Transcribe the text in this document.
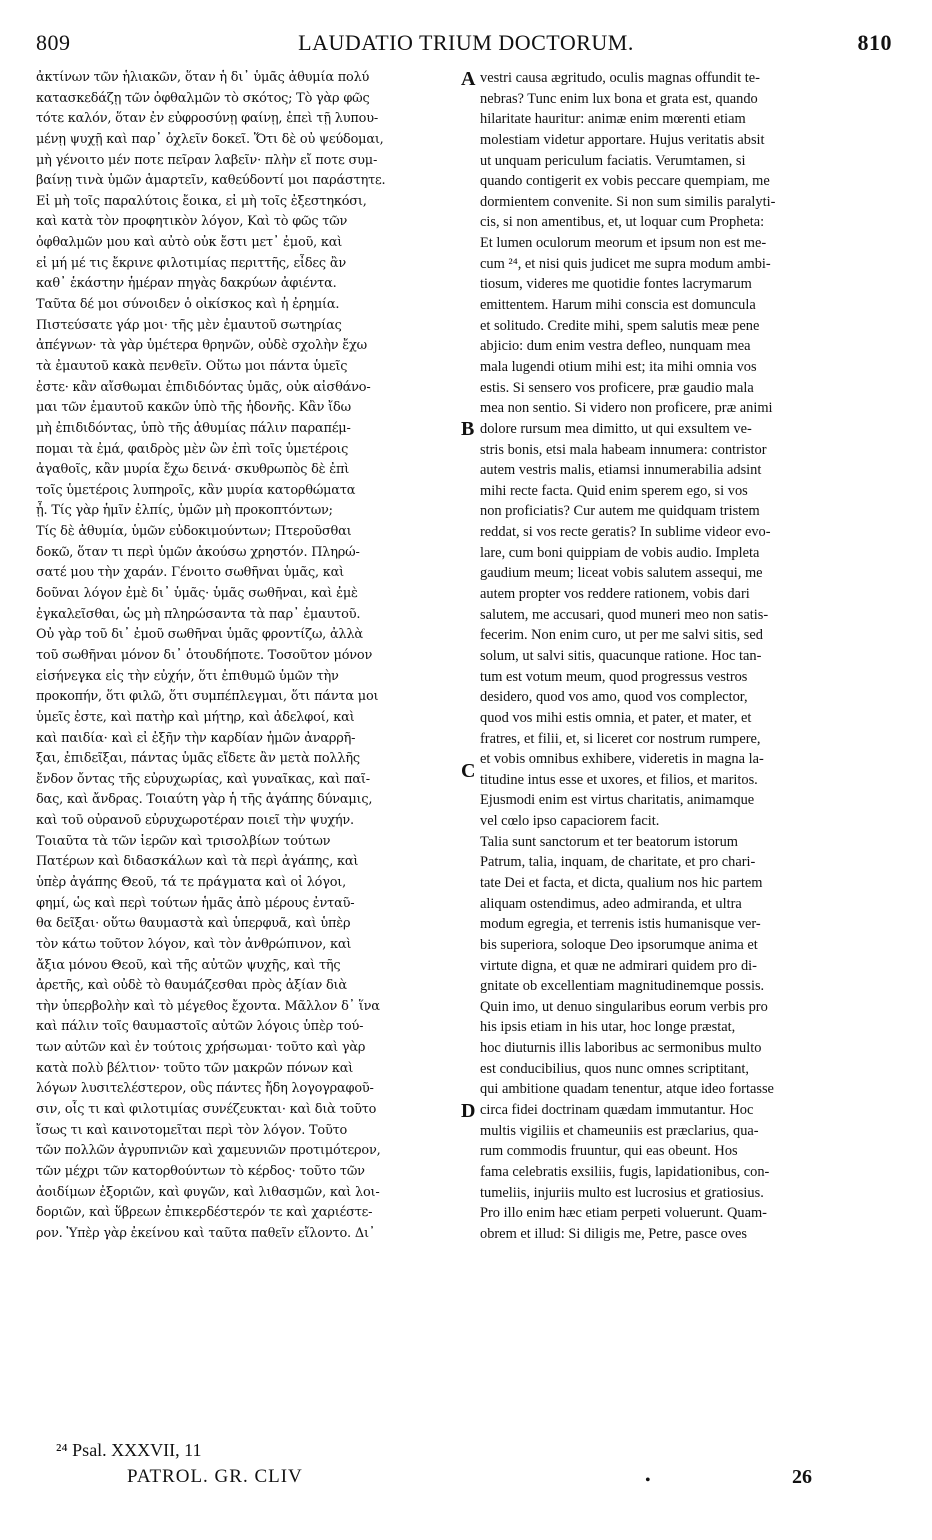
809	LAUDATIO TRIUM DOCTORUM.	810
ἀκτίνων τῶν ἡλιακῶν, ὅταν ἡ δι᾽ ὑμᾶς ἀθυμία πολύ
κατασκεδάζῃ τῶν ὀφθαλμῶν τὸ σκότος; Τὸ γὰρ φῶς
τότε καλόν, ὅταν ἐν εὐφροσύνῃ φαίνῃ, ἐπεὶ τῇ λυπου-
μένῃ ψυχῇ καὶ παρ᾽ ὀχλεῖν δοκεῖ. Ὅτι δὲ οὐ ψεύδομαι,
μὴ γένοιτο μέν ποτε πεῖραν λαβεῖν· πλὴν εἴ ποτε συμ-
βαίνῃ τινὰ ὑμῶν ἁμαρτεῖν, καθεύδοντί μοι παράστητε.
Εἰ μὴ τοῖς παραλύτοις ἔοικα, εἰ μὴ τοῖς ἐξεστηκόσι,
καὶ κατὰ τὸν προφητικὸν λόγον, Καὶ τὸ φῶς τῶν
ὀφθαλμῶν μου καὶ αὐτὸ οὐκ ἔστι μετ᾽ ἐμοῦ, καὶ
εἰ μή μέ τις ἔκρινε φιλοτιμίας περιττῆς, εἶδες ἂν
καθ᾽ ἑκάστην ἡμέραν πηγὰς δακρύων ἀφιέντα.
Ταῦτα δέ μοι σύνοιδεν ὁ οἰκίσκος καὶ ἡ ἐρημία.
Πιστεύσατε γάρ μοι· τῆς μὲν ἐμαυτοῦ σωτηρίας
ἀπέγνων· τὰ γὰρ ὑμέτερα θρηνῶν, οὐδὲ σχολὴν ἔχω
τὰ ἐμαυτοῦ κακὰ πενθεῖν. Οὕτω μοι πάντα ὑμεῖς
ἐστε· κἂν αἴσθωμαι ἐπιδιδόντας ὑμᾶς, οὐκ αἰσθάνο-
μαι τῶν ἐμαυτοῦ κακῶν ὑπὸ τῆς ἡδονῆς. Κἂν ἴδω
μὴ ἐπιδιδόντας, ὑπὸ τῆς ἀθυμίας πάλιν παραπέμ-
πομαι τὰ ἐμά, φαιδρὸς μὲν ὢν ἐπὶ τοῖς ὑμετέροις
ἀγαθοῖς, κἂν μυρία ἔχω δεινά· σκυθρωπὸς δὲ ἐπὶ
τοῖς ὑμετέροις λυπηροῖς, κἂν μυρία κατορθώματα
ᾖ. Τίς γὰρ ἡμῖν ἐλπίς, ὑμῶν μὴ προκοπτόντων;
Τίς δὲ ἀθυμία, ὑμῶν εὐδοκιμούντων; Πτεροῦσθαι
δοκῶ, ὅταν τι περὶ ὑμῶν ἀκούσω χρηστόν. Πληρώ-
σατέ μου τὴν χαράν. Γένοιτο σωθῆναι ὑμᾶς, καὶ
δοῦναι λόγον ἐμὲ δι᾽ ὑμᾶς· ὑμᾶς σωθῆναι, καὶ ἐμὲ
ἐγκαλεῖσθαι, ὡς μὴ πληρώσαντα τὰ παρ᾽ ἐμαυτοῦ.
Οὐ γὰρ τοῦ δι᾽ ἐμοῦ σωθῆναι ὑμᾶς φροντίζω, ἀλλὰ
τοῦ σωθῆναι μόνον δι᾽ ὁτουδήποτε. Τοσοῦτον μόνον
εἰσήνεγκα εἰς τὴν εὐχήν, ὅτι ἐπιθυμῶ ὑμῶν τὴν
προκοπήν, ὅτι φιλῶ, ὅτι συμπέπλεγμαι, ὅτι πάντα μοι
ὑμεῖς ἐστε, καὶ πατὴρ καὶ μήτηρ, καὶ ἀδελφοί, καὶ
καὶ παιδία· καὶ εἰ ἐξῆν τὴν καρδίαν ἡμῶν ἀναρρῆ-
ξαι, ἐπιδεῖξαι, πάντας ὑμᾶς εἴδετε ἂν μετὰ πολλῆς
ἔνδον ὄντας τῆς εὐρυχωρίας, καὶ γυναῖκας, καὶ παῖ-
δας, καὶ ἄνδρας. Τοιαύτη γὰρ ἡ τῆς ἀγάπης δύναμις,
καὶ τοῦ οὐρανοῦ εὐρυχωροτέραν ποιεῖ τὴν ψυχήν.
Τοιαῦτα τὰ τῶν ἱερῶν καὶ τρισολβίων τούτων
Πατέρων καὶ διδασκάλων καὶ τὰ περὶ ἀγάπης, καὶ
ὑπὲρ ἀγάπης Θεοῦ, τά τε πράγματα καὶ οἱ λόγοι,
φημί, ὡς καὶ περὶ τούτων ἡμᾶς ἀπὸ μέρους ἐνταῦ-
θα δεῖξαι· οὕτω θαυμαστὰ καὶ ὑπερφυᾶ, καὶ ὑπὲρ
τὸν κάτω τοῦτον λόγον, καὶ τὸν ἀνθρώπινον, καὶ
ἄξια μόνου Θεοῦ, καὶ τῆς αὐτῶν ψυχῆς, καὶ τῆς
ἀρετῆς, καὶ οὐδὲ τὸ θαυμάζεσθαι πρὸς ἀξίαν διὰ
τὴν ὑπερβολὴν καὶ τὸ μέγεθος ἔχοντα. Μᾶλλον δ᾽ ἵνα
καὶ πάλιν τοῖς θαυμαστοῖς αὐτῶν λόγοις ὑπὲρ τού-
των αὐτῶν καὶ ἐν τούτοις χρήσωμαι· τοῦτο καὶ γὰρ
κατὰ πολὺ βέλτιον· τοῦτο τῶν μακρῶν πόνων καὶ
λόγων λυσιτελέστερον, οὓς πάντες ἤδη λογογραφοῦ-
σιν, οἷς τι καὶ φιλοτιμίας συνέζευκται· καὶ διὰ τοῦτο
ἴσως τι καὶ καινοτομεῖται περὶ τὸν λόγον. Τοῦτο
τῶν πολλῶν ἀγρυπνιῶν καὶ χαμευνιῶν προτιμότερον,
τῶν μέχρι τῶν κατορθούντων τὸ κέρδος· τοῦτο τῶν
ἀοιδίμων ἐξοριῶν, καὶ φυγῶν, καὶ λιθασμῶν, καὶ λοι-
δοριῶν, καὶ ὕβρεων ἐπικερδέστερόν τε καὶ χαριέστε-
ρον. Ὑπὲρ γὰρ ἐκείνου καὶ ταῦτα παθεῖν εἴλοντο. Δι᾽
vestri causa ægritudo, oculis magnas offundit te-
nebras? Tunc enim lux bona et grata est, quando
hilaritate hauritur: animæ enim mœrenti etiam
molestiam videtur apportare. Hujus veritatis absit
ut unquam periculum faciatis. Verumtamen, si
quando contigerit ex vobis peccare quempiam, me
dormientem convenite. Si non sum similis paralyti-
cis, si non amentibus, et, ut loquar cum Propheta:
Et lumen oculorum meorum et ipsum non est me-
cum ²⁴, et nisi quis judicet me supra modum ambi-
tiosum, videres me quotidie fontes lacrymarum
emittentem. Harum mihi conscia est domuncula
et solitudo. Credite mihi, spem salutis meæ pene
abjicio: dum enim vestra defleo, nunquam mea
mala lugendi otium mihi est; ita mihi omnia vos
estis. Si sensero vos proficere, præ gaudio mala
mea non sentio. Si videro non proficere, præ animi
dolore rursum mea dimitto, ut qui exsultem ve-
stris bonis, etsi mala habeam innumera: contristor
autem vestris malis, etiamsi innumerabilia adsint
mihi recte facta. Quid enim sperem ego, si vos
non proficiatis? Cur autem me quidquam tristem
reddat, si vos recte geratis? In sublime videor evo-
lare, cum boni quippiam de vobis audio. Impleta
gaudium meum; liceat vobis salutem assequi, me
autem propter vos reddere rationem, vobis dari
salutem, me accusari, quod muneri meo non satis-
fecerim. Non enim curo, ut per me salvi sitis, sed
solum, ut salvi sitis, quacunque ratione. Hoc tan-
tum est votum meum, quod progressus vestros
desidero, quod vos amo, quod vos complector,
quod vos mihi estis omnia, et pater, et mater, et
fratres, et filii, et, si liceret cor nostrum rumpere,
et vobis omnibus exhibere, videretis in magna la-
titudine intus esse et uxores, et filios, et maritos.
Ejusmodi enim est virtus charitatis, animamque
vel cœlo ipso capaciorem facit.
Talia sunt sanctorum et ter beatorum istorum
Patrum, talia, inquam, de charitate, et pro chari-
tate Dei et facta, et dicta, qualium nos hic partem
aliquam ostendimus, adeo admiranda, et ultra
modum egregia, et terrenis istis humanisque ver-
bis superiora, soloque Deo ipsorumque anima et
virtute digna, et quæ ne admirari quidem pro di-
gnitate ob excellentiam magnitudinemque possis.
Quin imo, ut denuo singularibus eorum verbis pro
his ipsis etiam in his utar, hoc longe præstat,
hoc diuturnis illis laboribus ac sermonibus multo
est conducibilius, quos nunc omnes scriptitant,
qui ambitione quadam tenentur, atque ideo fortasse
circa fidei doctrinam quædam immutantur. Hoc
multis vigiliis et chameuniis est præclarius, qua-
rum commodis fruuntur, qui eas obeunt. Hos
fama celebratis exsiliis, fugis, lapidationibus, con-
tumeliis, injuriis multo est lucrosius et gratiosius.
Pro illo enim hæc etiam perpeti voluerunt. Quam-
obrem et illud: Si diligis me, Petre, pasce oves
A
B
C
D
²⁴ Psal. XXXVII, 11
PATROL. GR. CLIV	•	26
